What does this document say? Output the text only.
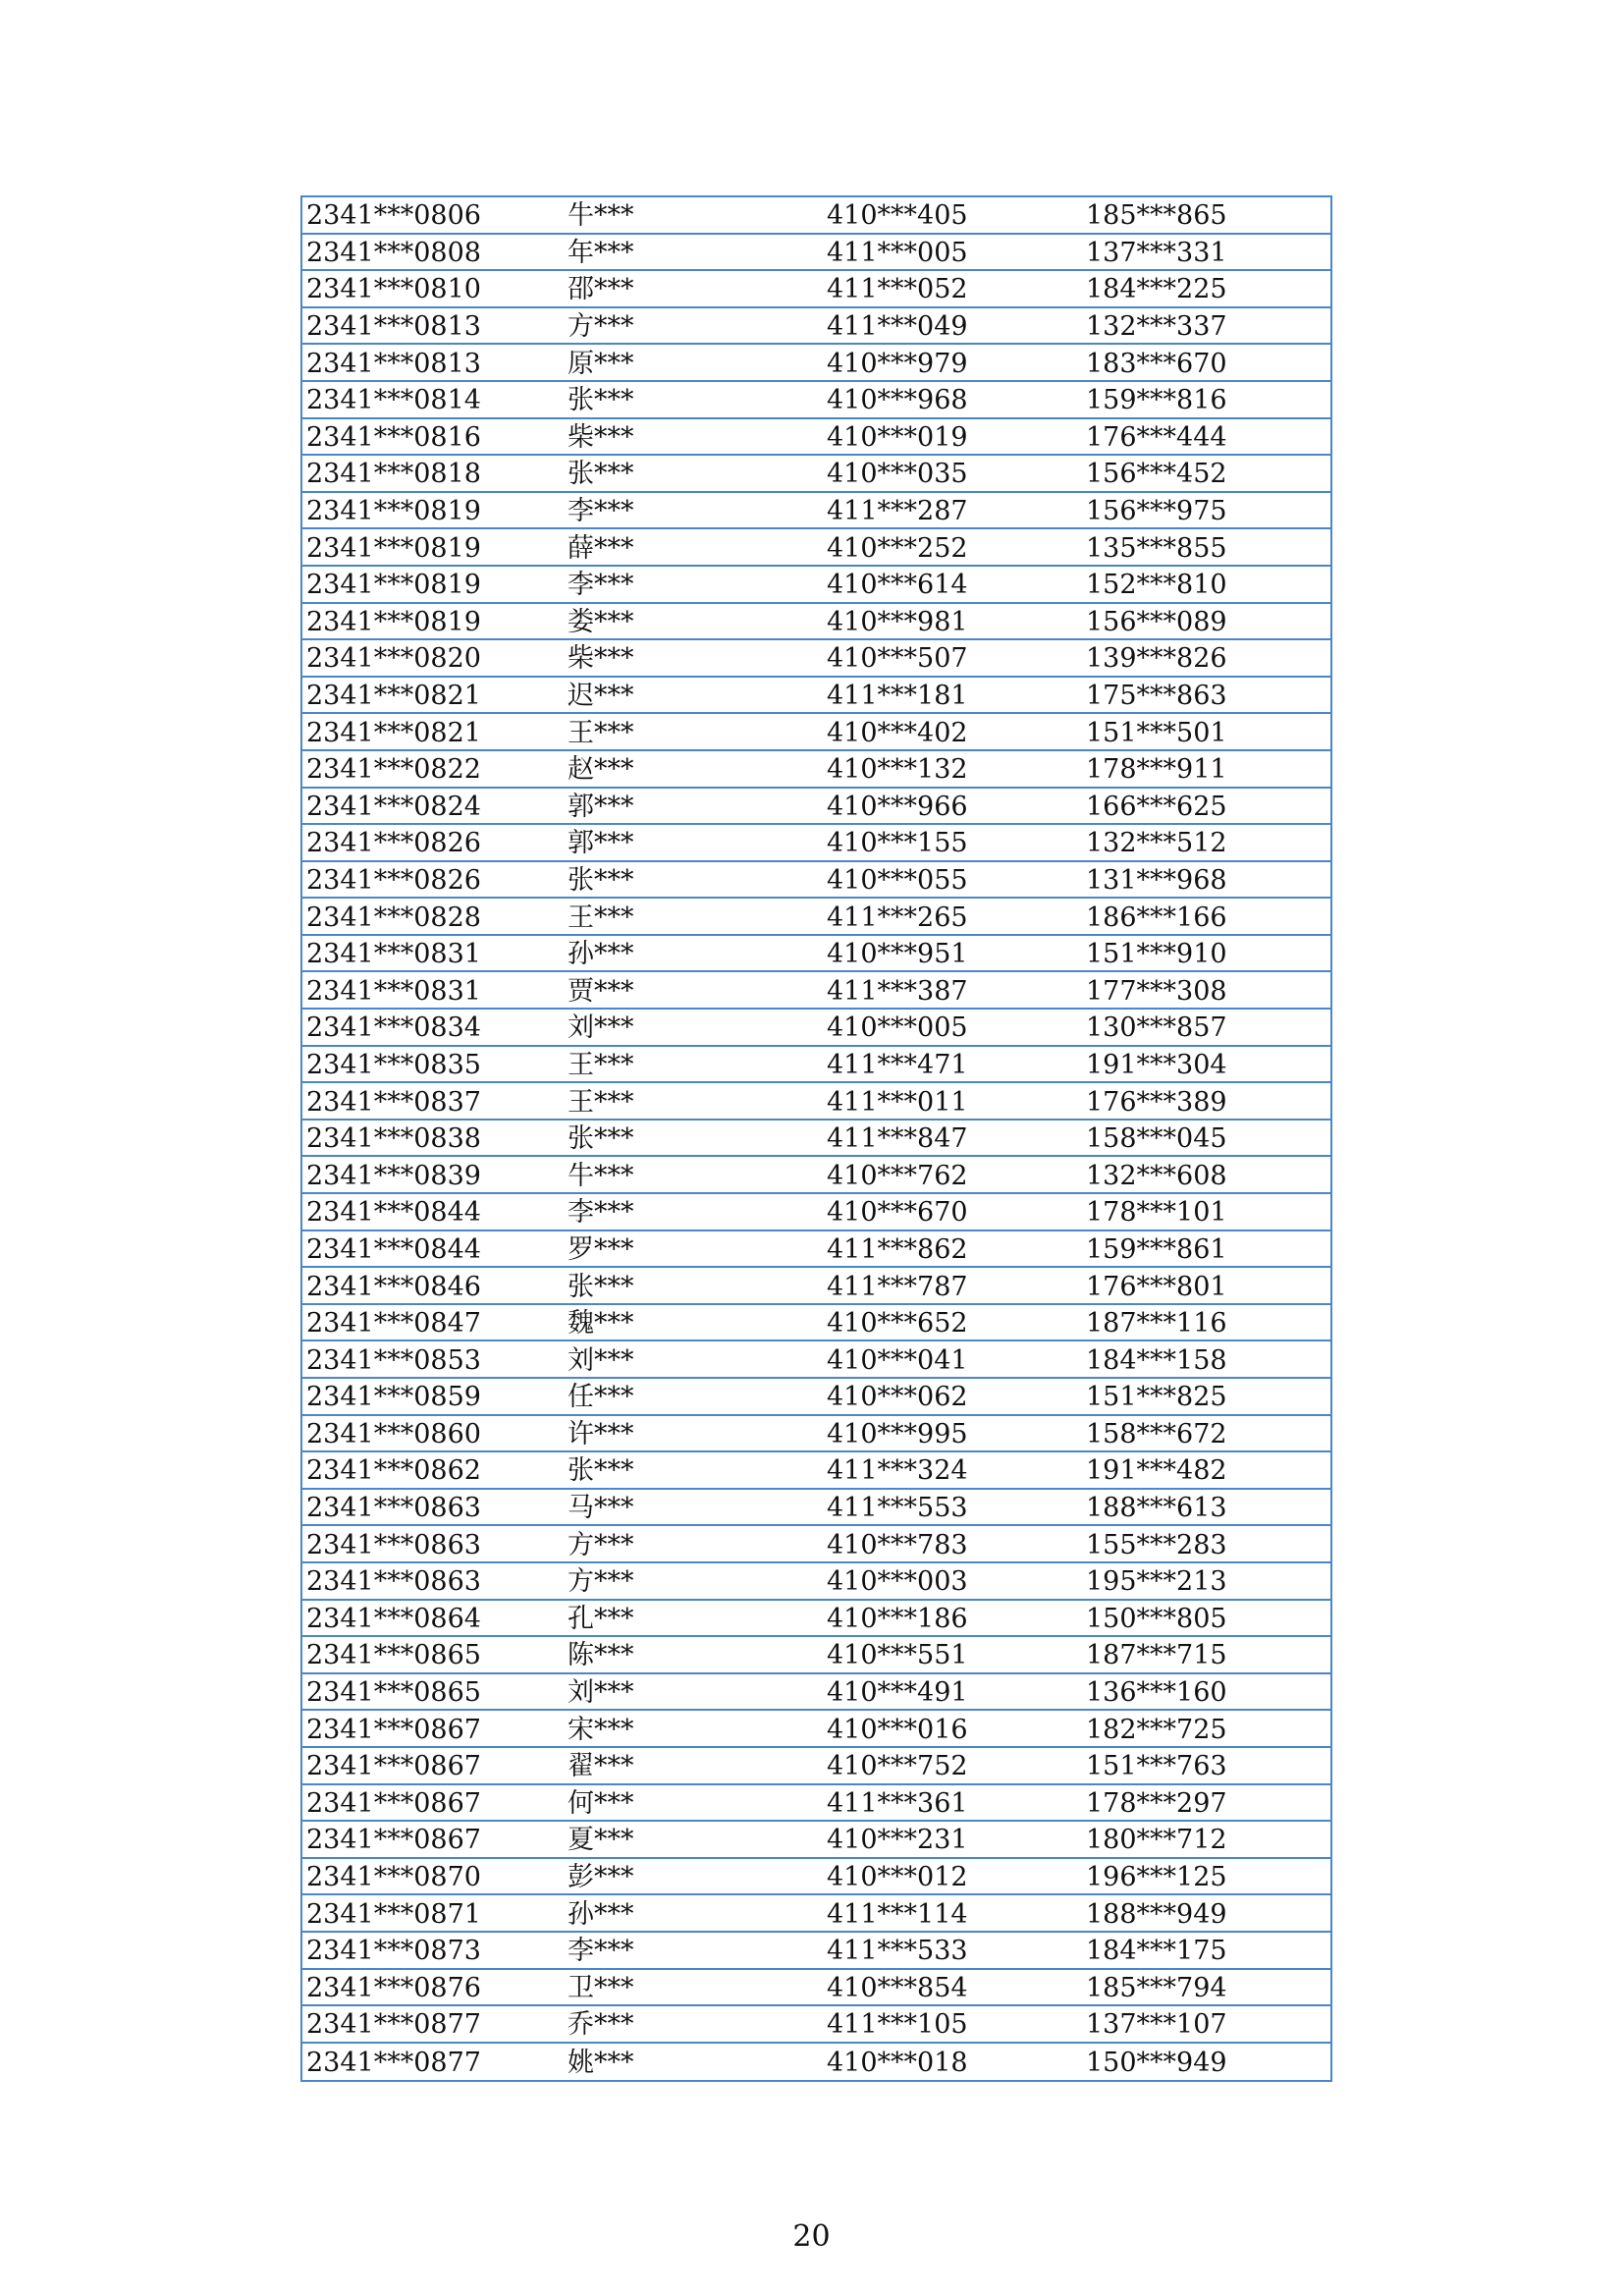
2341***0806	牛***	410***405	185***865
2341***0808	年***	411***005	137***331
2341***0810	邵***	411***052	184***225
2341***0813	方***	411***049	132***337
2341***0813	原***	410***979	183***670
2341***0814	张***	410***968	159***816
2341***0816	柴***	410***019	176***444
2341***0818	张***	410***035	156***452
2341***0819	李***	411***287	156***975
2341***0819	薛***	410***252	135***855
2341***0819	李***	410***614	152***810
2341***0819	娄***	410***981	156***089
2341***0820	柴***	410***507	139***826
2341***0821	迟***	411***181	175***863
2341***0821	王***	410***402	151***501
2341***0822	赵***	410***132	178***911
2341***0824	郭***	410***966	166***625
2341***0826	郭***	410***155	132***512
2341***0826	张***	410***055	131***968
2341***0828	王***	411***265	186***166
2341***0831	孙***	410***951	151***910
2341***0831	贾***	411***387	177***308
2341***0834	刘***	410***005	130***857
2341***0835	王***	411***471	191***304
2341***0837	王***	411***011	176***389
2341***0838	张***	411***847	158***045
2341***0839	牛***	410***762	132***608
2341***0844	李***	410***670	178***101
2341***0844	罗***	411***862	159***861
2341***0846	张***	411***787	176***801
2341***0847	魏***	410***652	187***116
2341***0853	刘***	410***041	184***158
2341***0859	任***	410***062	151***825
2341***0860	许***	410***995	158***672
2341***0862	张***	411***324	191***482
2341***0863	马***	411***553	188***613
2341***0863	方***	410***783	155***283
2341***0863	方***	410***003	195***213
2341***0864	孔***	410***186	150***805
2341***0865	陈***	410***551	187***715
2341***0865	刘***	410***491	136***160
2341***0867	宋***	410***016	182***725
2341***0867	翟***	410***752	151***763
2341***0867	何***	411***361	178***297
2341***0867	夏***	410***231	180***712
2341***0870	彭***	410***012	196***125
2341***0871	孙***	411***114	188***949
2341***0873	李***	411***533	184***175
2341***0876	卫***	410***854	185***794
2341***0877	乔***	411***105	137***107
2341***0877	姚***	410***018	150***949
20
